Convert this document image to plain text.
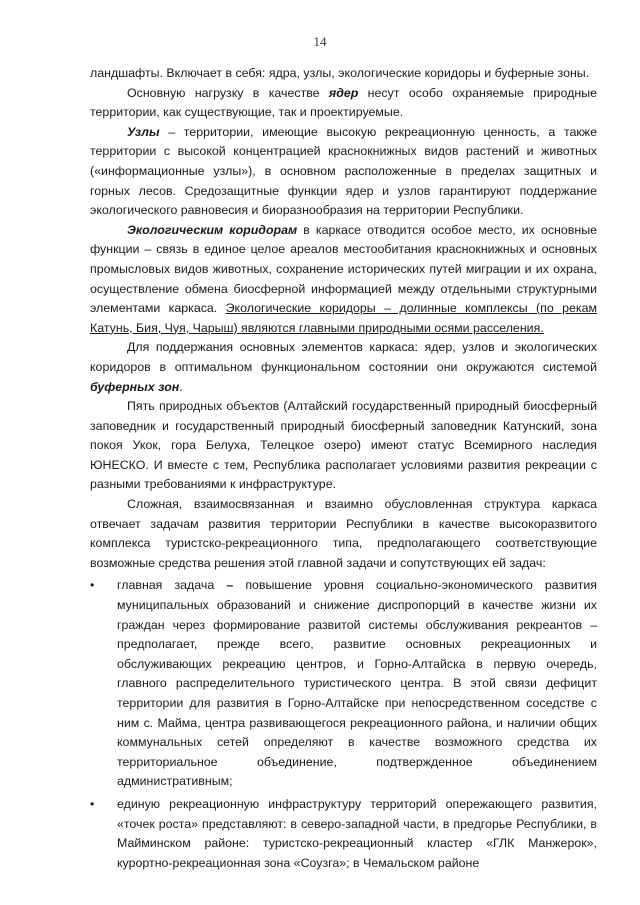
14

ландшафты. Включает в себя: ядра, узлы, экологические коридоры и буферные зоны.

Основную нагрузку в качестве ядер несут особо охраняемые природные территории, как существующие, так и проектируемые.

Узлы – территории, имеющие высокую рекреационную ценность, а также территории с высокой концентрацией краснокнижных видов растений и животных («информационные узлы»), в основном расположенные в пределах защитных и горных лесов. Средозащитные функции ядер и узлов гарантируют поддержание экологического равновесия и биоразнообразия на территории Республики.

Экологическим коридорам в каркасе отводится особое место, их основные функции – связь в единое целое ареалов местообитания краснокнижных и основных промысловых видов животных, сохранение исторических путей миграции и их охрана, осуществление обмена биосферной информацией между отдельными структурными элементами каркаса. Экологические коридоры – долинные комплексы (по рекам Катунь, Бия, Чуя, Чарыш) являются главными природными осями расселения.

Для поддержания основных элементов каркаса: ядер, узлов и экологических коридоров в оптимальном функциональном состоянии они окружаются системой буферных зон.

Пять природных объектов (Алтайский государственный природный биосферный заповедник и государственный природный биосферный заповедник Катунский, зона покоя Укок, гора Белуха, Телецкое озеро) имеют статус Всемирного наследия ЮНЕСКО. И вместе с тем, Республика располагает условиями развития рекреации с разными требованиями к инфраструктуре.

Сложная, взаимосвязанная и взаимно обусловленная структура каркаса отвечает задачам развития территории Республики в качестве высокоразвитого комплекса туристско-рекреационного типа, предполагающего соответствующие возможные средства решения этой главной задачи и сопутствующих ей задач:

•	главная задача – повышение уровня социально-экономического развития муниципальных образований и снижение диспропорций в качестве жизни их граждан через формирование развитой системы обслуживания рекреантов – предполагает, прежде всего, развитие основных рекреационных и обслуживающих рекреацию центров, и Горно-Алтайска в первую очередь, главного распределительного туристического центра. В этой связи дефицит территории для развития в Горно-Алтайске при непосредственном соседстве с ним с. Майма, центра развивающегося рекреационного района, и наличии общих коммунальных сетей определяют в качестве возможного средства их территориальное объединение, подтвержденное объединением административным;

•	единую рекреационную инфраструктуру территорий опережающего развития, «точек роста» представляют: в северо-западной части, в предгорье Республики, в Майминском районе: туристско-рекреационный кластер «ГЛК Манжерок», курортно-рекреационная зона «Соузга»; в Чемальском районе
